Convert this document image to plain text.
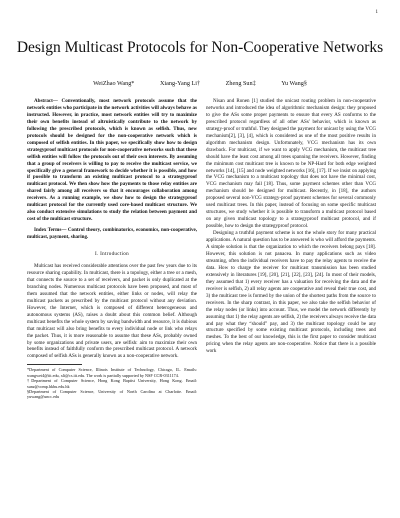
1
Design Multicast Protocols for Non-Cooperative Networks
WeiZhao Wang*	Xiang-Yang Li†	Zheng Sun‡	Yu Wang§

Abstract— Conventionally, most network protocols assume that the network entities who participate in the network activities will always behave as instructed. However, in practice, most network entities will try to maximize their own benefits instead of altruistically contribute to the network by following the prescribed protocols, which is known as selfish. Thus, new protocols should be designed for the non-cooperative network which is composed of selfish entities. In this paper, we specifically show how to design strategyproof multicast protocols for non-cooperative networks such that these selfish entities will follow the protocols out of their own interests. By assuming that a group of receivers is willing to pay to receive the multicast service, we specifically give a general framework to decide whether it is possible, and how if possible to transform an existing multicast protocol to a strategyproof multicast protocol. We then show how the payments to those relay entities are shared fairly among all receivers so that it encourages collaboration among receivers. As a running example, we show how to design the strategyproof multicast protocol for the currently used core-based multicast structure. We also conduct extensive simulations to study the relation between payment and cost of the multicast structure.

Index Terms— Control theory, combinatorics, economics, non-cooperative, multicast, payment, sharing.

I. Introduction

Multicast has received considerable attentions over the past few years due to its resource sharing capability. In multicast, there is a topology, either a tree or a mesh, that connects the source to a set of receivers, and packet is only duplicated at the branching nodes. Numerous multicast protocols have been proposed, and most of them assumed that the network entities, either links or nodes, will relay the multicast packets as prescribed by the multicast protocol without any deviation. However, the Internet, which is composed of different heterogeneous and autonomous systems (AS), raises a doubt about this common belief. Although multicast benefits the whole system by saving bandwidth and resource, it is dubious that multicast will also bring benefits to every individual node or link who relays the packet. Thus, it is more reasonable to assume that these ASs, probably owned by some organizations and private users, are selfish: aim to maximize their own benefits instead of faithfully conform the prescribed multicast protocol. A network composed of selfish ASs is generally known as a non-cooperative network.

*Department of Computer Science, Illinois Institute of Technology, Chicago, IL. Emails: wangwei4@iit.edu, xli@cs.iit.edu. The work is partially supported by NSF CCR-0311174.

†Department of Computer Science, Hong Kong Baptist University, Hong Kong. Email: sunz@comp.hkbu.edu.hk

§Department of Computer Science, University of North Carolina at Charlotte. Email: yuwang@uncc.edu

Nisan and Ronen [1] studied the unicast routing problem in non-cooperative networks and introduced the idea of algorithmic mechanism design: they proposed to give the ASs some proper payments to ensure that every AS conforms to the prescribed protocol regardless of all other ASs' behavior, which is known as strategy-proof or truthful. They designed the payment for unicast by using the VCG mechanism[2], [3], [4], which is considered as one of the most positive results in algorithm mechanism design. Unfortunately, VCG mechanism has its own drawback. For multicast, if we want to apply VCG mechanism, the multicast tree should have the least cost among all trees spanning the receivers. However, finding the minimum cost multicast tree is known to be NP-Hard for both edge weighted networks [14], [15] and node weighted networks [16], [17]. If we insist on applying the VCG mechanism to a multicast topology that does not have the minimal cost, VCG mechanism may fail [18]. Thus, some payment schemes other than VCG mechanism should be designed for multicast. Recently, in [18], the authors proposed several non-VCG strategy-proof payment schemes for several commonly used multicast trees. In this paper, instead of focusing on some specific multicast structures, we study whether it is possible to transform a multicast protocol based on any given multicast topology to a strategyproof multicast protocol, and if possible, how to design the strategyproof protocol.

Designing a truthful payment scheme is not the whole story for many practical applications. A natural question has to be answered is who will afford the payments. A simple solution is that the organization to which the receivers belong pays [18]. However, this solution is not panacea. In many applications such as video streaming, often the individual receivers have to pay the relay agents to receive the data. How to charge the receiver for multicast transmission has been studied extensively in literatures [19], [20], [21], [22], [23], [24]. In most of their models, they assumed that 1) every receiver has a valuation for receiving the data and the receiver is selfish, 2) all relay agents are cooperative and reveal their true cost, and 3) the multicast tree is formed by the union of the shortest paths from the source to receivers. In the sharp contrast, in this paper, we also take the selfish behavior of the relay nodes (or links) into account. Thus, we model the network differently by assuming that 1) the relay agents are selfish, 2) the receivers always receive the data and pay what they “should” pay, and 3) the multicast topology could be any structure specified by some existing multicast protocols, including trees and meshes. To the best of our knowledge, this is the first paper to consider multicast pricing when the relay agents are non-cooperative. Notice that there is a possible work
